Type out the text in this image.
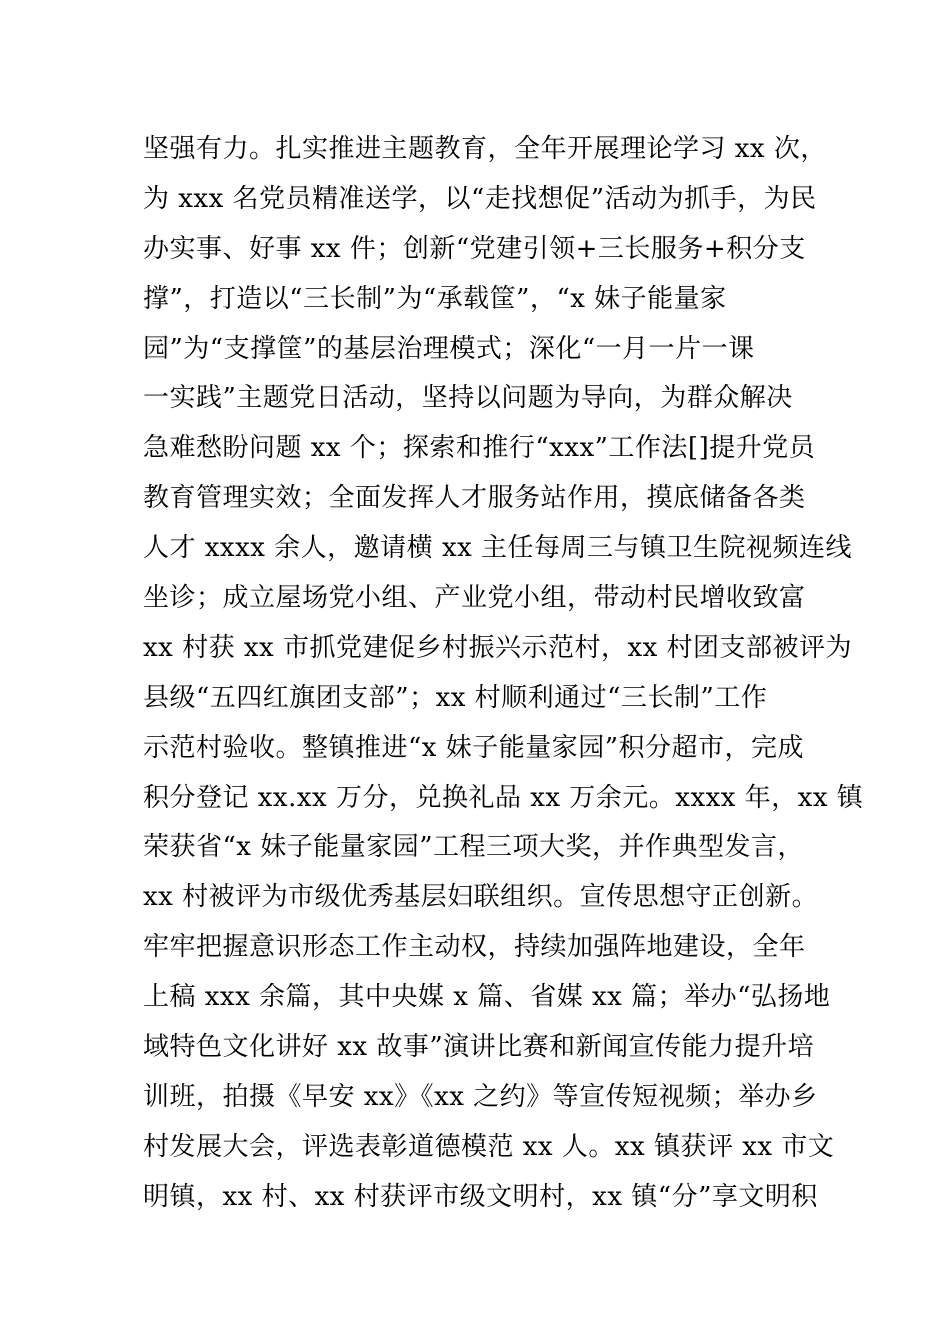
坚强有力。扎实推进主题教育，全年开展理论学习 xx 次，
为 xxx 名党员精准送学，以“走找想促”活动为抓手，为民
办实事、好事 xx 件；创新“党建引领+三长服务+积分支
撑”，打造以“三长制”为“承载筐”，“x 妹子能量家
园”为“支撑筐”的基层治理模式；深化“一月一片一课
一实践”主题党日活动，坚持以问题为导向，为群众解决
急难愁盼问题 xx 个；探索和推行“xxx”工作法[]提升党员
教育管理实效；全面发挥人才服务站作用，摸底储备各类
人才 xxxx 余人，邀请横 xx 主任每周三与镇卫生院视频连线
坐诊；成立屋场党小组、产业党小组，带动村民增收致富
xx 村获 xx 市抓党建促乡村振兴示范村，xx 村团支部被评为
县级“五四红旗团支部”；xx 村顺利通过“三长制”工作
示范村验收。整镇推进“x 妹子能量家园”积分超市，完成
积分登记 xx.xx 万分，兑换礼品 xx 万余元。xxxx 年，xx 镇
荣获省“x 妹子能量家园”工程三项大奖，并作典型发言，
xx 村被评为市级优秀基层妇联组织。宣传思想守正创新。
牢牢把握意识形态工作主动权，持续加强阵地建设，全年
上稿 xxx 余篇，其中央媒 x 篇、省媒 xx 篇；举办“弘扬地
域特色文化讲好 xx 故事”演讲比赛和新闻宣传能力提升培
训班，拍摄《早安 xx》《xx 之约》等宣传短视频；举办乡
村发展大会，评选表彰道德模范 xx 人。xx 镇获评 xx 市文
明镇，xx 村、xx 村获评市级文明村，xx 镇“分”享文明积
